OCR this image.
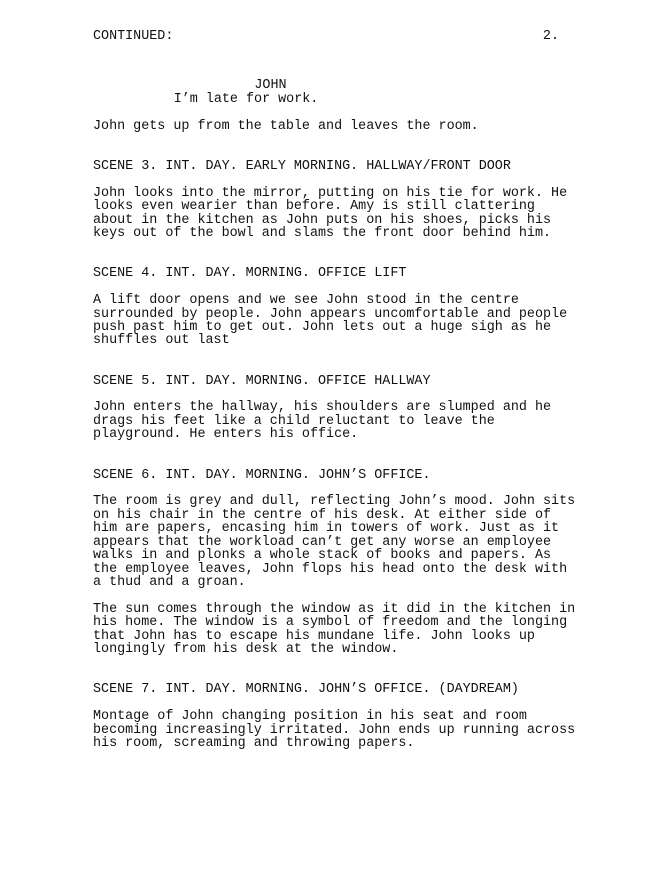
CONTINUED:

	2.

JOHN
I’m late for work.
John gets up from the table and leaves the room.
SCENE 3. INT. DAY. EARLY MORNING. HALLWAY/FRONT DOOR
John looks into the mirror, putting on his tie for work. He
looks even wearier than before. Amy is still clattering
about in the kitchen as John puts on his shoes, picks his
keys out of the bowl and slams the front door behind him.
SCENE 4. INT. DAY. MORNING. OFFICE LIFT
A lift door opens and we see John stood in the centre
surrounded by people. John appears uncomfortable and people
push past him to get out. John lets out a huge sigh as he
shuffles out last
SCENE 5. INT. DAY. MORNING. OFFICE HALLWAY
John enters the hallway, his shoulders are slumped and he
drags his feet like a child reluctant to leave the
playground. He enters his office.
SCENE 6. INT. DAY. MORNING. JOHN’S OFFICE.
The room is grey and dull, reflecting John’s mood. John sits
on his chair in the centre of his desk. At either side of
him are papers, encasing him in towers of work. Just as it
appears that the workload can’t get any worse an employee
walks in and plonks a whole stack of books and papers. As
the employee leaves, John flops his head onto the desk with
a thud and a groan.
The sun comes through the window as it did in the kitchen in
his home. The window is a symbol of freedom and the longing
that John has to escape his mundane life. John looks up
longingly from his desk at the window.
SCENE 7. INT. DAY. MORNING. JOHN’S OFFICE. (DAYDREAM)
Montage of John changing position in his seat and room
becoming increasingly irritated. John ends up running across
his room, screaming and throwing papers.
